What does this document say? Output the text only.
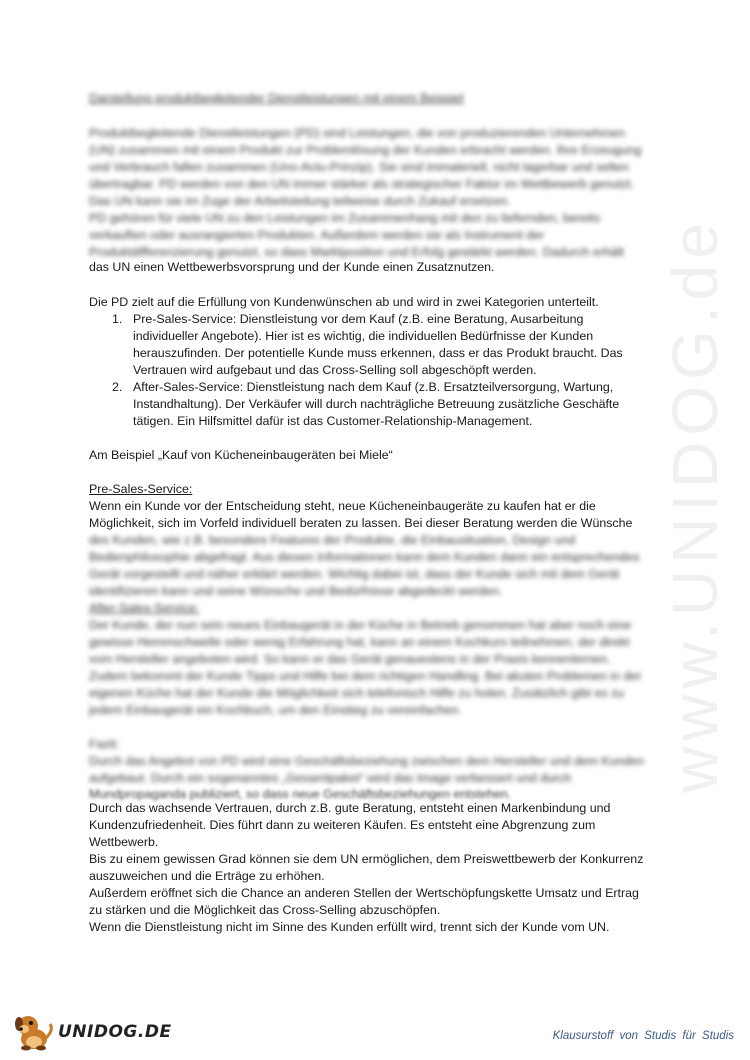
www.UNIDOG.de
Darstellung produktbegleitender Dienstleistungen mit einem Beispiel
Produktbegleitende Dienstleistungen (PD) sind Leistungen, die von produzierenden Unternehmen
(UN) zusammen mit einem Produkt zur Problemlösung der Kunden erbracht werden. Ihre Erzeugung
und Verbrauch fallen zusammen (Uno-Actu-Prinzip). Sie sind immateriell, nicht lagerbar und selten
übertragbar. PD werden von den UN immer stärker als strategischer Faktor im Wettbewerb genutzt.
Das UN kann sie im Zuge der Arbeitsteilung teilweise durch Zukauf ersetzen.
PD gehören für viele UN zu den Leistungen im Zusammenhang mit den zu liefernden, bereits
verkauften oder ausrangierten Produkten. Außerdem werden sie als Instrument der
Produktdifferenzierung genutzt, so dass Marktposition und Erfolg gestärkt werden. Dadurch erhält
das UN einen Wettbewerbsvorsprung und der Kunde einen Zusatznutzen.
Die PD zielt auf die Erfüllung von Kundenwünschen ab und wird in zwei Kategorien unterteilt.
1. Pre-Sales-Service: Dienstleistung vor dem Kauf (z.B. eine Beratung, Ausarbeitung
individueller Angebote). Hier ist es wichtig, die individuellen Bedürfnisse der Kunden
herauszufinden. Der potentielle Kunde muss erkennen, dass er das Produkt braucht. Das
Vertrauen wird aufgebaut und das Cross-Selling soll abgeschöpft werden.
2. After-Sales-Service: Dienstleistung nach dem Kauf (z.B. Ersatzteilversorgung, Wartung,
Instandhaltung). Der Verkäufer will durch nachträgliche Betreuung zusätzliche Geschäfte
tätigen. Ein Hilfsmittel dafür ist das Customer-Relationship-Management.
Am Beispiel „Kauf von Kücheneinbaugeräten bei Miele“
Pre-Sales-Service:
Wenn ein Kunde vor der Entscheidung steht, neue Kücheneinbaugeräte zu kaufen hat er die
Möglichkeit, sich im Vorfeld individuell beraten zu lassen. Bei dieser Beratung werden die Wünsche
des Kunden, wie z.B. besondere Features der Produkte, die Einbausituation, Design und
Bedienphilosophie abgefragt. Aus diesen Informationen kann dem Kunden dann ein entsprechendes
Gerät vorgestellt und näher erklärt werden. Wichtig dabei ist, dass der Kunde sich mit dem Gerät
identifizieren kann und seine Wünsche und Bedürfnisse abgedeckt werden.
After-Sales-Service:
Der Kunde, der nun sein neues Einbaugerät in der Küche in Betrieb genommen hat aber noch eine
gewisse Hemmschwelle oder wenig Erfahrung hat, kann an einem Kochkurs teilnehmen, der direkt
vom Hersteller angeboten wird. So kann er das Gerät genauestens in der Praxis kennenlernen.
Zudem bekommt der Kunde Tipps und Hilfe bei dem richtigen Handling. Bei akuten Problemen in der
eigenen Küche hat der Kunde die Möglichkeit sich telefonisch Hilfe zu holen. Zusätzlich gibt es zu
jedem Einbaugerät ein Kochbuch, um den Einstieg zu vereinfachen.
Fazit:
Durch das Angebot von PD wird eine Geschäftsbeziehung zwischen dem Hersteller und dem Kunden
aufgebaut. Durch ein sogenanntes „Gesamtpaket“ wird das Image verbessert und durch
Mundpropaganda publiziert, so dass neue Geschäftsbeziehungen entstehen.
Durch das wachsende Vertrauen, durch z.B. gute Beratung, entsteht einen Markenbindung und
Kundenzufriedenheit. Dies führt dann zu weiteren Käufen. Es entsteht eine Abgrenzung zum
Wettbewerb.
Bis zu einem gewissen Grad können sie dem UN ermöglichen, dem Preiswettbewerb der Konkurrenz
auszuweichen und die Erträge zu erhöhen.
Außerdem eröffnet sich die Chance an anderen Stellen der Wertschöpfungskette Umsatz und Ertrag
zu stärken und die Möglichkeit das Cross-Selling abzuschöpfen.
Wenn die Dienstleistung nicht im Sinne des Kunden erfüllt wird, trennt sich der Kunde vom UN.
UNIDOG.DE	Klausurstoff von Studis für Studis
